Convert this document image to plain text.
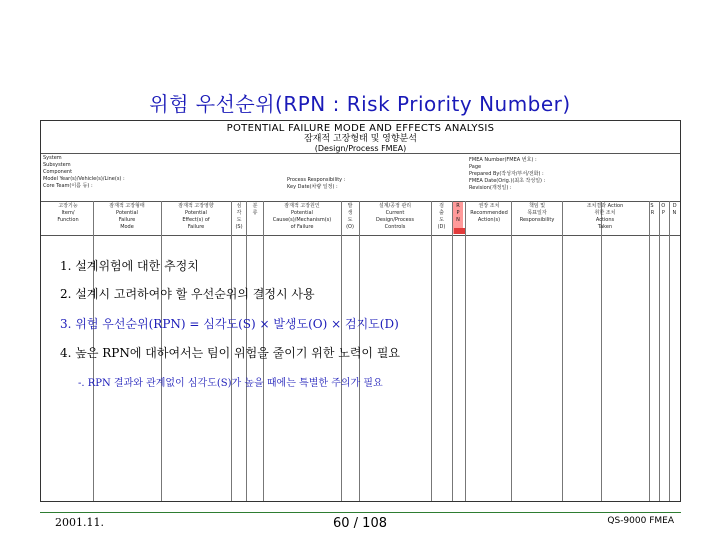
위험 우선순위(RPN : Risk Priority Number)
POTENTIAL FAILURE MODE AND EFFECTS ANALYSIS
잠재적 고장형태 및 영향분석
(Design/Process FMEA)
System
Subsystem
Component
Model Year(s)/Vehicle(s)/Line(s) :
Core Team(이름 등) :
Process Responsibility :
Key Date(차량 일정) :
FMEA Number(FMEA 번호) :
Page
Prepared By(작성자/부서/전화) :
FMEA Date(Orig.)(최초 작성일) :
Revision(개정일) :
고장기능
Item/
Function
잠재적 고장형태
Potential
Failure
Mode
잠재적 고장영향
Potential
Effect(s) of
Failure
심
각
도
(S)
분
류
잠재적 고장원인
Potential
Cause(s)/Mechanism(s)
of Failure
발
생
도
(O)
설계/공정 관리
Current
Design/Process
Controls
검
출
도
(D)
R
P
N
권장 조치
Recommended
Action(s)
책임 및
목표일자
Responsibility
조치결과 Action
취한 조치
Actions
Taken
S O D
R P N
1. 설계위험에 대한 추정치
2. 설계시 고려하여야 할 우선순위의 결정시 사용
3. 위험 우선순위(RPN) = 심각도(S) × 발생도(O) × 검지도(D)
4. 높은 RPN에 대하여서는 팀이 위험을 줄이기 위한 노력이 필요
-. RPN 결과와 관계없이 심각도(S)가 높을 때에는 특별한 주의가 필요
2001.11.	60 / 108	QS-9000 FMEA
